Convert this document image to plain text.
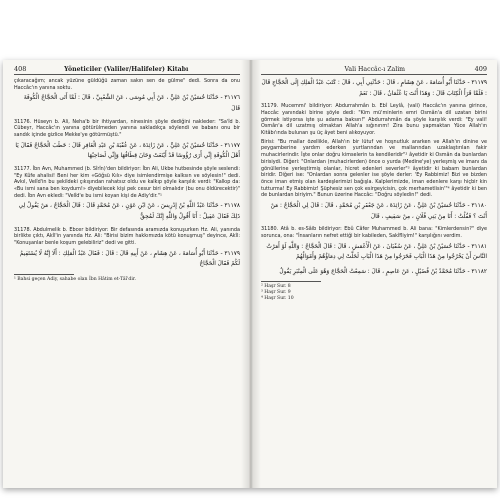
408	Yöneticiler (Valiler/Halifeler) Kitabı

çıkaracağım; ancak yüzüne güldüğü zaman sakın sen de gülme" dedi. Sonra da onu Haccâc'ın yanına soktu.

٣١١٧٦ - حَدَّثَنَا حُسَيْنُ بْنُ عَلِيٍّ ، عَنْ أَبِي مُوسَى ، عَنْ الشَّعْبِيِّ ، قَالَ : لَمَّا أَتَى الْحَجَّاجُ الْكُوفَةَ قَالَ

31176. Hüseyn b. Ali, Neha'b bir ihtiyardan, ninesinin şöyle dediğini nakleder: "Sa'îd b. Cübeyr, Haccâc'ın yanına götürülmeden yanına sakladıkça söylendi ve babanı onu bir sandık içinde gizlice Mekke'ye götürmüştü."

٣١١٧٧ - حَدَّثَنَا حُسَيْنُ بْنُ عَلِيٍّ ، عَنْ زَائِدَةَ ، عَنْ عُقْبَةَ بْنِ عَبْدِ الْغَافِرِ قَالَ : خَطَبَ الْحَجَّاجُ فَقَالَ يَا أَهْلَ الْكُوفَةِ إِنِّي أَرَى رُؤُوسًا قَدْ أَيْنَعَتْ وَحَانَ قِطَافُهَا وَإِنِّي لَصَاحِبُهَا

31177. İbn Avn, Muhammed (b. Sîrîn)'den bildiriyor: İbn Ali, Ukbe hutbesinde şöyle seslendi: "Ey Kûfe ahalisi! Beni her kim «Göğsü Kılı» diye isimlendirmişe kalksın ve söylesin!" dedi. Avkıl, Velîd'in bu şekildeki çıkışından rahatsız oldu ve kalkıp şöyle karşılık verdi: "Kalkıp da: «Bu ismi sana ben koydum!» diyebilecek kişi pek cesur biri olmalıdır (bu onu öldürecektir)" dedi. İbn Avn ekledi: "Velîd'e bu ismi koyan kişi de Adiy'dir."¹

٣١١٧٨ - حَدَّثَنَا عَبْدُ اللَّهِ بْنُ إِدْرِيسَ ، عَنْ ابْنِ عَوْنٍ ، عَنْ مُحَمَّدٍ قَالَ : قَالَ الْحَجَّاجُ ، مَنْ يَقُولُ لِي ذَلِكَ فَقَالَ عَقِيلٌ : أَنَا أَقُولُ وَاللَّهِ إِنَّكَ لَمُحِقٌّ

31178. Abdulmelik b. Ebcer bildiriyor: Bir defasında aramızda konuşurken Hz. Ali, yanında birlikte çıktı, Akîl'in yanında Hz. Ali: "Birisi bizim hakkımızda kötü konuşmuş" deyince, Akîl: "Konuşanlar benle koşum gelebiliriz" dedi ve gitti.

٣١١٧٩ - حَدَّثَنَا أَبُو أُسَامَةَ ، عَنْ هِشَامٍ ، عَنْ أَبِيهِ قَالَ : قَالَ : فَقَالَ عَبْدُ الْمَلِكِ : أَلَا إِنَّهُ لَا يُسْتَقِيمُ لَكُمْ فَقَالَ الْحَجَّاجُ

¹ Bahsi geçen Adiy, sahabe olan İbn Hâtim et-Tâî'dir.
Vali Haccâc-ı Zalim	409

٣١١٧٩ - حَدَّثَنَا أَبُو أُسَامَةَ ، عَنْ هِشَامٍ ، قَالَ : حَدَّثَنِي أَبِي ، قَالَ : كَتَبَ عَبْدُ الْمَلِكِ إِلَى الْحَجَّاجِ قَالَ : فَلَمَّا قَرَأَ الْكِتَابَ قَالَ : وَهَذَا أَنْتَ يَا عُثْمَانُ ، قَالَ : نَعَمْ

31179. Mucemmi' bildiriyor: Abdurrahmân b. Ebî Leylâ, (vali) Haccâc'ın yanına girince, Haccâc yanındaki birine şöyle dedi: "Kim mü'minlerin emri Osmân'a dil uzatan birini görmek istiyorsa işte şu adama baksın!" Abdurrahmân da şöyle karşılık verdi: "Ey vali! Osmân'a dil uzatmış olmaktan Allah'a sığınırım! Zira bunu yapmaktan Yüce Allah'ın Kitâbı'ında bulunan şu üç âyet beni alıkoyuyor.

Birisi: "Bu mallar özellikle, Allah'ın bir lütuf ve hoşnutluk ararken ve Allah'ın dinine ve peygamberine yardım ederken yurtlarından ve mallarından uzaklaştırılan fakir muhacirlerindir. İşte onlar doğru kimselerin ta kendileridir"² âyetidir ki Osmân da bunlardan birisiydi. Diğeri: "Onlardan (muhacirlerden) önce o yurda (Medine'ye) yerleşmiş ve imanı da gönüllerine yerleştirmiş olanlar, hicret edenleri severler"³ âyetidir ki babam bunlardan biridir. Diğeri ise: "Onlardan sonra gelenler ise şöyle derler: 'Ey Rabbimiz! Bizi ve bizden önce iman etmiş olan kardeşlerimizi bağışla. Kalplerimizde, iman edenlere karşı hiçbir kin tutturma! Ey Rabbimiz! Şüphesiz sen çok esirgeyicisin, çok merhametlisin'"⁴ âyetidir ki ben de bunlardan biriyim." Bunun üzerine Haccâc: "Doğru söyledin!" dedi.

٣١١٨٠ - حَدَّثَنَا حُسَيْنُ بْنُ عَلِيٍّ ، عَنْ زَائِدَةَ ، عَنْ جَعْفَرِ بْنِ مُحَمَّدٍ ، قَالَ : قَالَ لِي الْحَجَّاجُ : مَنْ أَنْتَ ؟ فَقُلْتُ : أَنَا مِنْ بَنِي فُلَانٍ ، مِنْ سَقِيفٍ ، قَالَ

31180. Atâ b. es-Sâib bildiriyor: Ebû Câfer Muhammed b. Ali bana: "Kimlerdensin?" diye sorunca, ona: "İnsanların nefret ettiği bir kabileden, Sakîfliyim!" karşılığını verdim.

٣١١٨١ - حَدَّثَنَا حُسَيْنُ بْنُ عَلِيٍّ ، عَنْ سُفْيَانَ ، عَنْ الْأَعْمَشِ ، قَالَ : قَالَ الْحَجَّاجُ : وَاللَّهِ لَوْ أَمَرْتُ النَّاسَ أَنْ يَخْرُجُوا مِنْ هَذَا الْبَابِ فَخَرَجُوا مِنْ هَذَا الْبَابِ لَحَلَّتْ لِي دِمَاؤُهُمْ وَأَمْوَالُهُمْ

٣١١٨٢ - حَدَّثَنَا مُحَمَّدُ بْنُ فُضَيْلٍ ، عَنْ عَاصِمٍ ، قَالَ : سَمِعْتُ الْحَجَّاجَ وَهُوَ عَلَى الْمِنْبَرِ يَقُولُ

² Haşr Sur. 8
³ Haşr Sur. 9
⁴ Haşr Sur. 10
